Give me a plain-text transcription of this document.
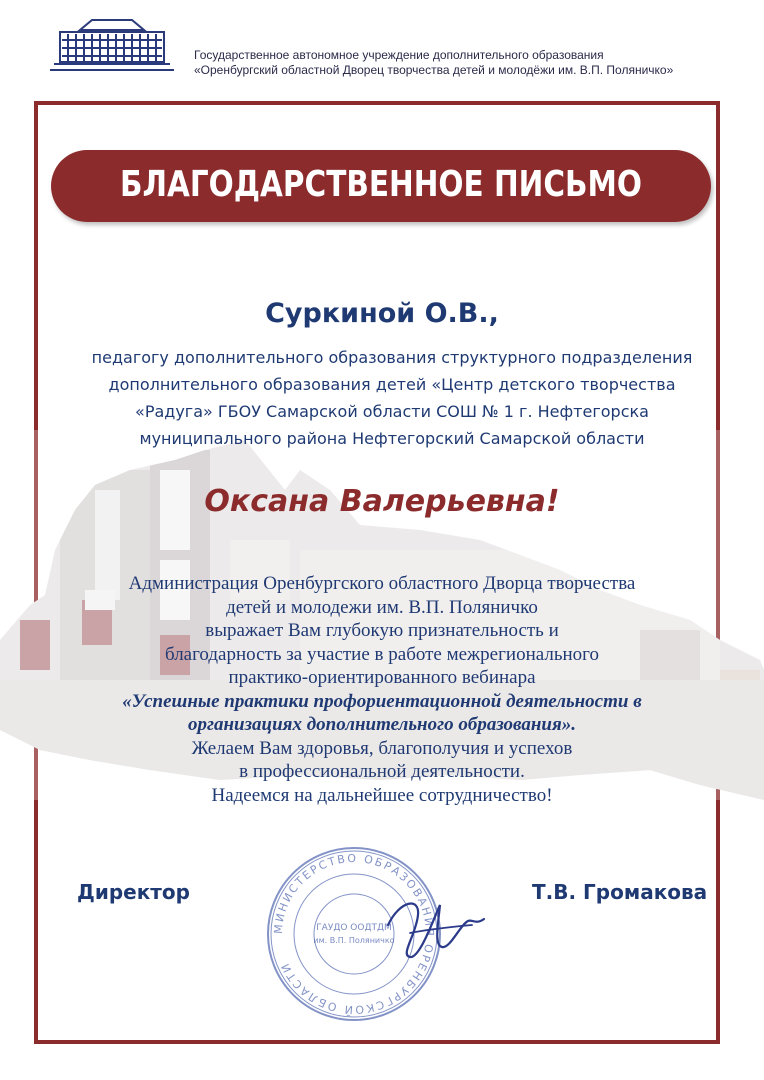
Государственное автономное учреждение дополнительного образования
«Оренбургский областной Дворец творчества детей и молодёжи им. В.П. Поляничко»
БЛАГОДАРСТВЕННОЕ ПИСЬМО
Суркиной О.В.,
педагогу дополнительного образования структурного подразделения
дополнительного образования детей «Центр детского творчества
«Радуга» ГБОУ Самарской области СОШ № 1 г. Нефтегорска
муниципального района Нефтегорский Самарской области
Оксана Валерьевна!
Администрация Оренбургского областного Дворца творчества
детей и молодежи им. В.П. Поляничко
выражает Вам глубокую признательность и
благодарность за участие в работе межрегионального
практико-ориентированного вебинара
«Успешные практики профориентационной деятельности в
организациях дополнительного образования».
Желаем Вам здоровья, благополучия и успехов
в профессиональной деятельности.
Надеемся на дальнейшее сотрудничество!
МИНИСТЕРСТВО ОБРАЗОВАНИЯ ОРЕНБУРГСКОЙ ОБЛАСТИ
ГАУДО ООДТДМ
им. В.П. Поляничко
Директор	Т.В. Громакова
